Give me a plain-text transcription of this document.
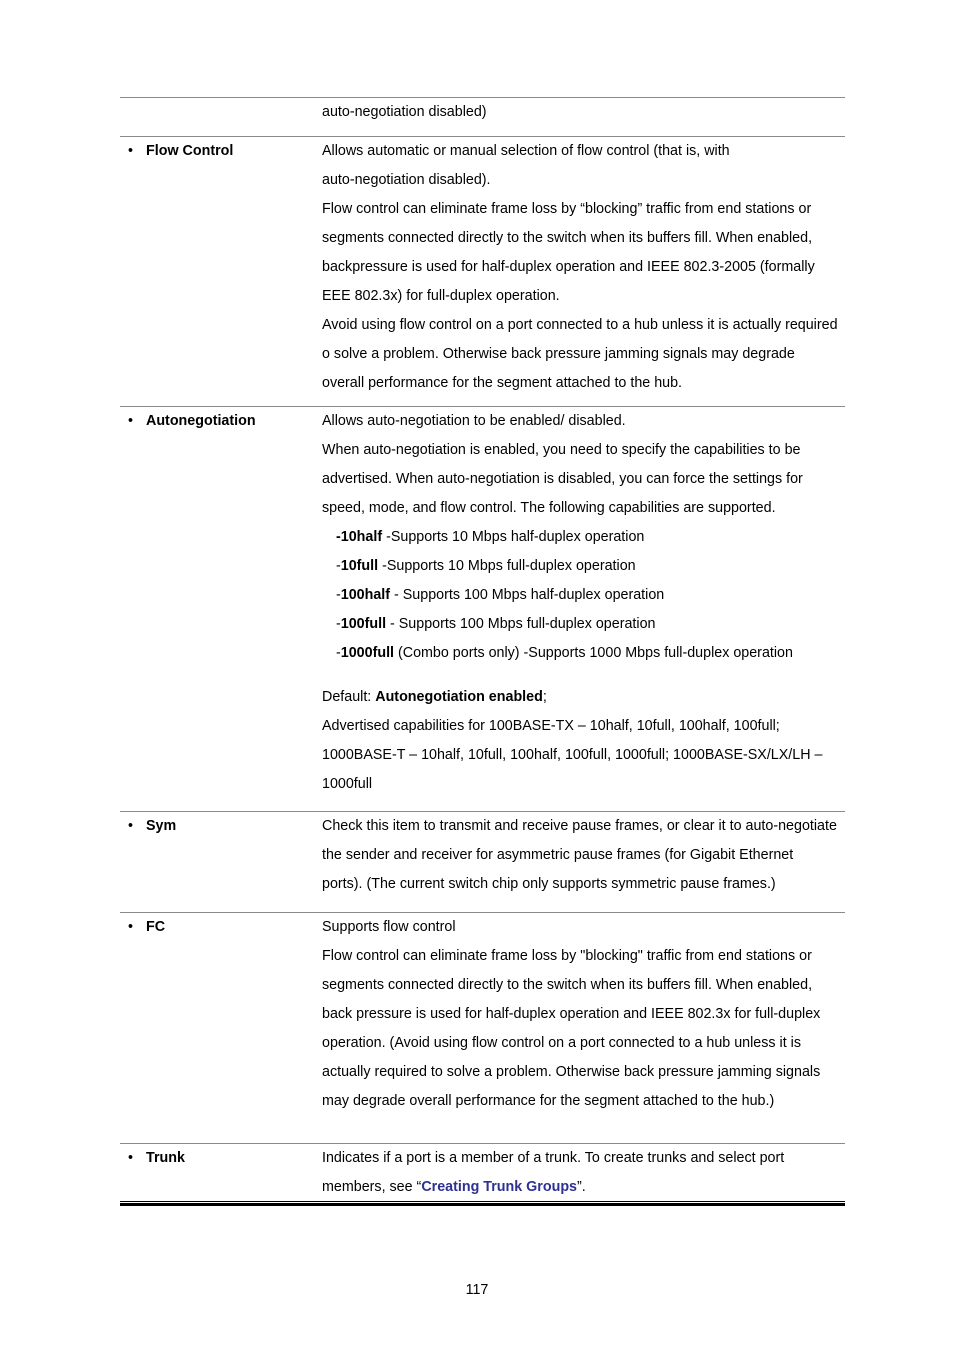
auto-negotiation disabled)
• Flow Control	Allows automatic or manual selection of flow control (that is, with
auto-negotiation disabled).
Flow control can eliminate frame loss by “blocking” traffic from end stations or
segments connected directly to the switch when its buffers fill. When enabled,
backpressure is used for half-duplex operation and IEEE 802.3-2005 (formally
EEE 802.3x) for full-duplex operation.
Avoid using flow control on a port connected to a hub unless it is actually required
o solve a problem. Otherwise back pressure jamming signals may degrade
overall performance for the segment attached to the hub.
• Autonegotiation	Allows auto-negotiation to be enabled/ disabled.
When auto-negotiation is enabled, you need to specify the capabilities to be
advertised. When auto-negotiation is disabled, you can force the settings for
speed, mode, and flow control. The following capabilities are supported.
-10half -Supports 10 Mbps half-duplex operation
-10full -Supports 10 Mbps full-duplex operation
-100half - Supports 100 Mbps half-duplex operation
-100full - Supports 100 Mbps full-duplex operation
-1000full (Combo ports only) -Supports 1000 Mbps full-duplex operation
Default: Autonegotiation enabled;
Advertised capabilities for 100BASE-TX – 10half, 10full, 100half, 100full;
1000BASE-T – 10half, 10full, 100half, 100full, 1000full; 1000BASE-SX/LX/LH –
1000full
• Sym	Check this item to transmit and receive pause frames, or clear it to auto-negotiate
the sender and receiver for asymmetric pause frames (for Gigabit Ethernet
ports). (The current switch chip only supports symmetric pause frames.)
• FC	Supports flow control
Flow control can eliminate frame loss by "blocking" traffic from end stations or
segments connected directly to the switch when its buffers fill. When enabled,
back pressure is used for half-duplex operation and IEEE 802.3x for full-duplex
operation. (Avoid using flow control on a port connected to a hub unless it is
actually required to solve a problem. Otherwise back pressure jamming signals
may degrade overall performance for the segment attached to the hub.)
• Trunk	Indicates if a port is a member of a trunk. To create trunks and select port
members, see “Creating Trunk Groups”.
117
